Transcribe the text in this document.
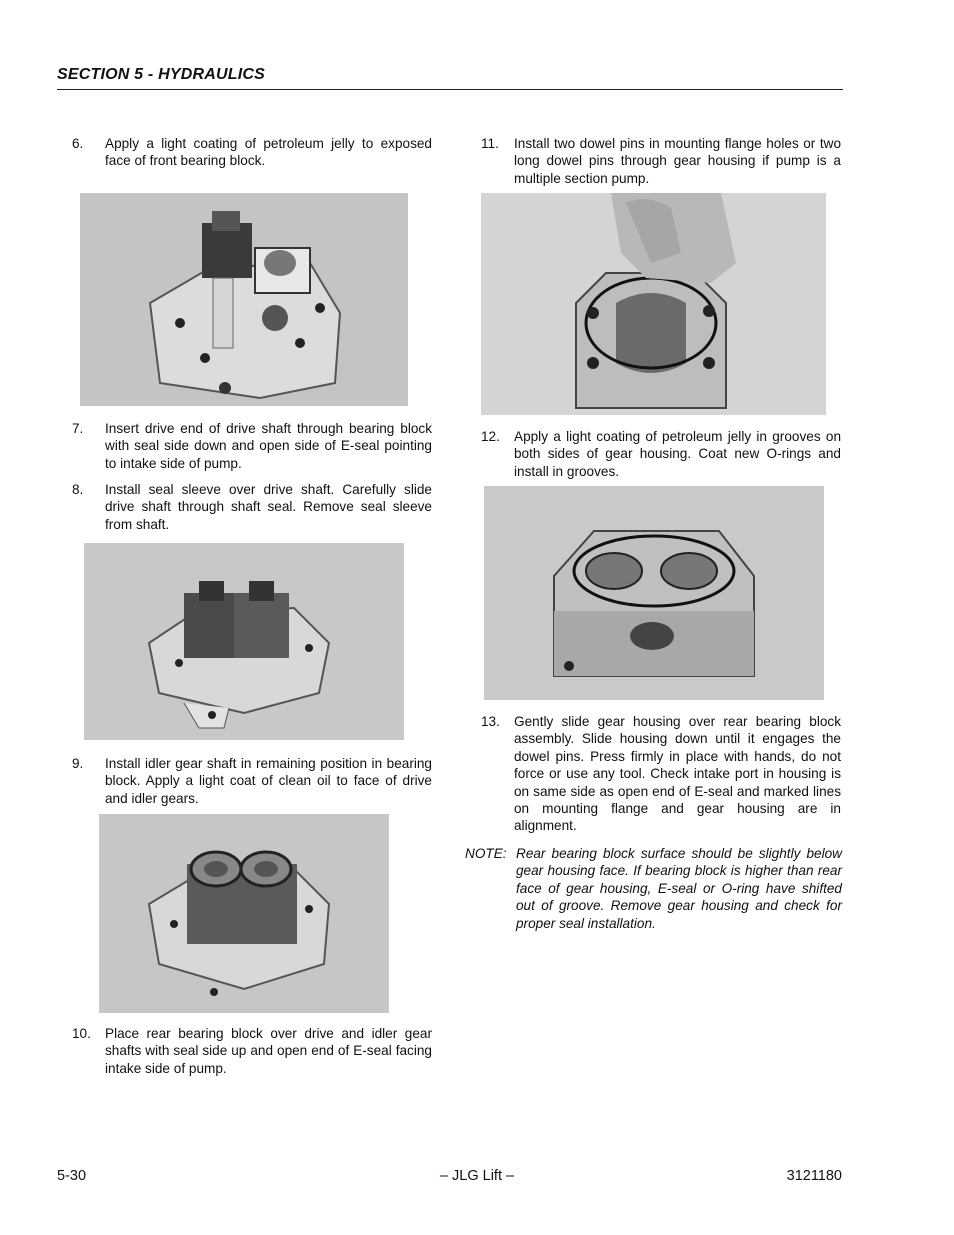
SECTION 5 - HYDRAULICS
6.	Apply a light coating of petroleum jelly to exposed face of front bearing block.
7.	Insert drive end of drive shaft through bearing block with seal side down and open side of E-seal pointing to intake side of pump.
8.	Install seal sleeve over drive shaft. Carefully slide drive shaft through shaft seal. Remove seal sleeve from shaft.
9.	Install idler gear shaft in remaining position in bearing block. Apply a light coat of clean oil to face of drive and idler gears.
10.	Place rear bearing block over drive and idler gear shafts with seal side up and open end of E-seal facing intake side of pump.
11.	Install two dowel pins in mounting flange holes or two long dowel pins through gear housing if pump is a multiple section pump.
12.	Apply a light coating of petroleum jelly in grooves on both sides of gear housing. Coat new O-rings and install in grooves.
13.	Gently slide gear housing over rear bearing block assembly. Slide housing down until it engages the dowel pins. Press firmly in place with hands, do not force or use any tool. Check intake port in housing is on same side as open end of E-seal and marked lines on mounting flange and gear housing are in alignment.
NOTE: Rear bearing block surface should be slightly below gear housing face. If bearing block is higher than rear face of gear housing, E-seal or O-ring have shifted out of groove. Remove gear housing and check for proper seal installation.
5-30	– JLG Lift –	3121180
